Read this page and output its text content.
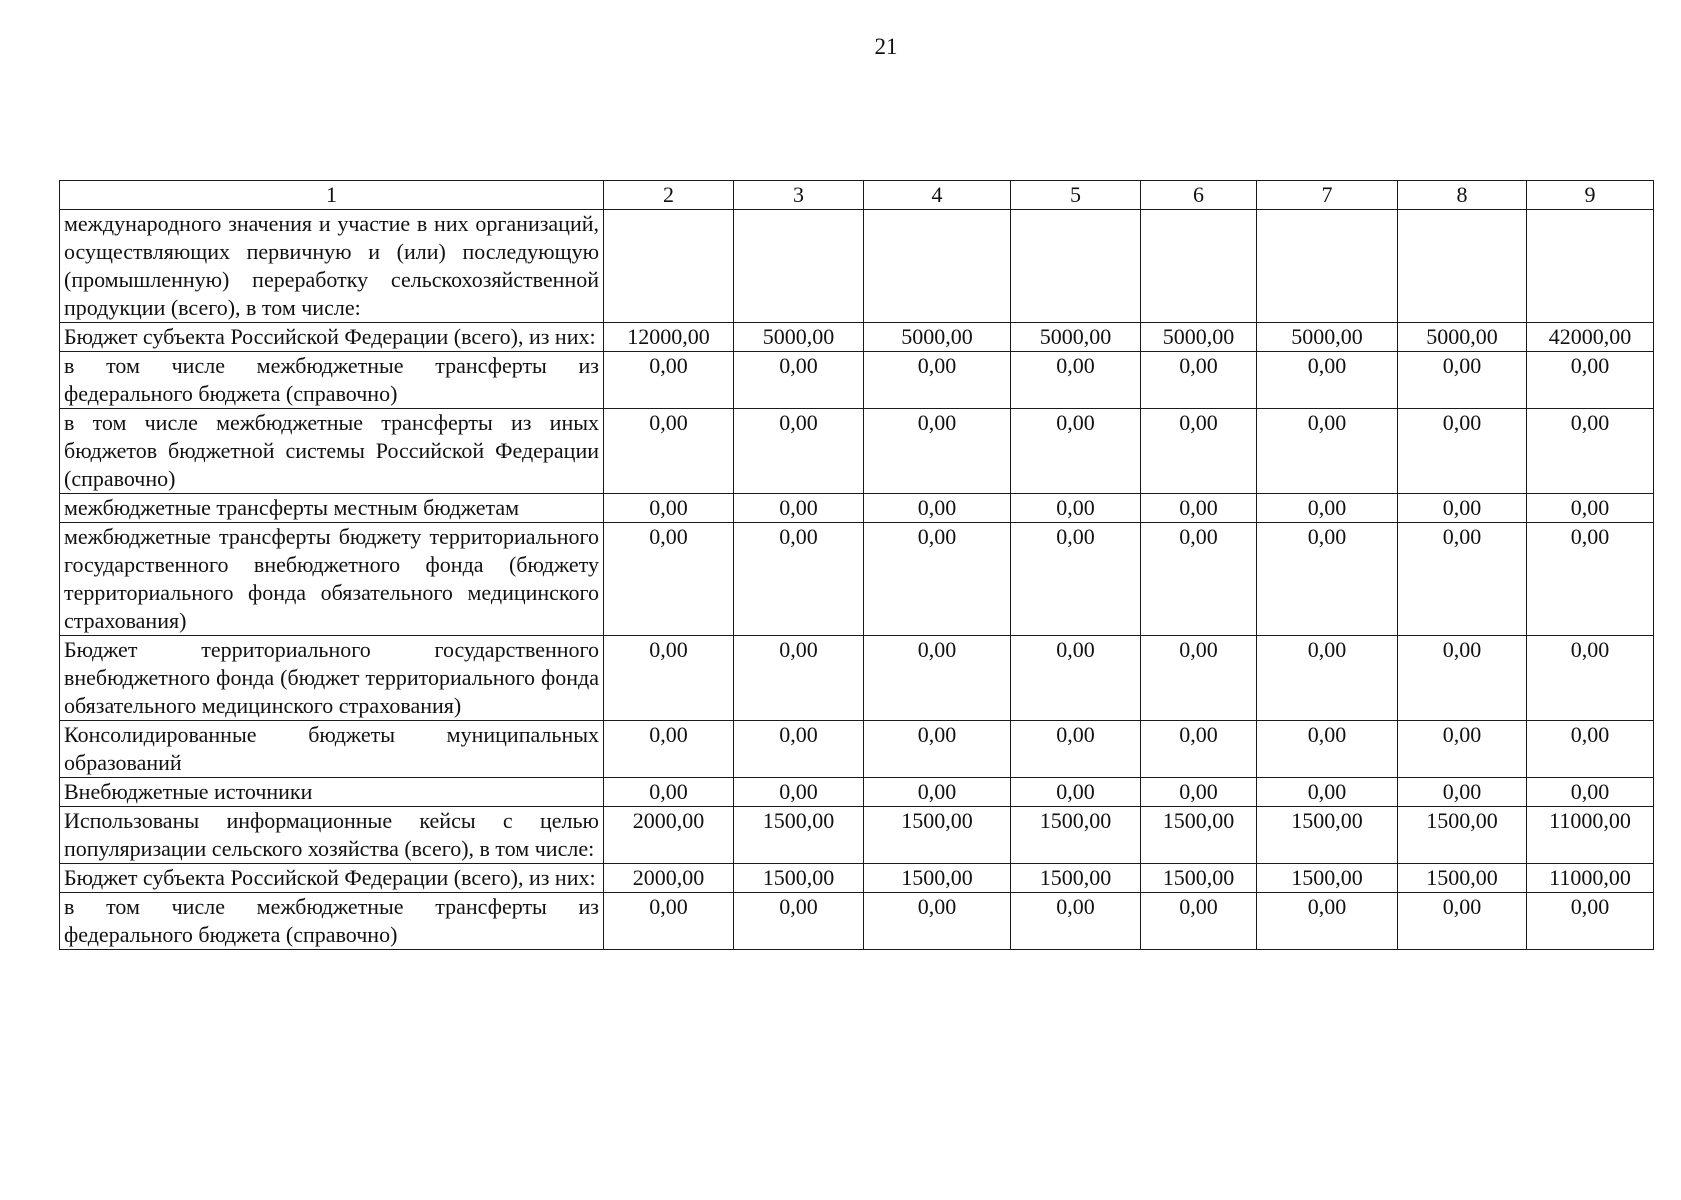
21
1	2	3	4	5	6	7	8	9
международного значения и участие в них организаций, осуществляющих первичную и (или) последующую (промышленную) переработку сельскохозяйственной продукции (всего), в том числе:								
Бюджет субъекта Российской Федерации (всего), из них:	12000,00	5000,00	5000,00	5000,00	5000,00	5000,00	5000,00	42000,00
в том числе межбюджетные трансферты из федерального бюджета (справочно)	0,00	0,00	0,00	0,00	0,00	0,00	0,00	0,00
в том числе межбюджетные трансферты из иных бюджетов бюджетной системы Российской Федерации (справочно)	0,00	0,00	0,00	0,00	0,00	0,00	0,00	0,00
межбюджетные трансферты местным бюджетам	0,00	0,00	0,00	0,00	0,00	0,00	0,00	0,00
межбюджетные трансферты бюджету территориального государственного внебюджетного фонда (бюджету территориального фонда обязательного медицинского страхования)	0,00	0,00	0,00	0,00	0,00	0,00	0,00	0,00
Бюджет территориального государственного внебюджетного фонда (бюджет территориального фонда обязательного медицинского страхования)	0,00	0,00	0,00	0,00	0,00	0,00	0,00	0,00
Консолидированные бюджеты муниципальных образований	0,00	0,00	0,00	0,00	0,00	0,00	0,00	0,00
Внебюджетные источники	0,00	0,00	0,00	0,00	0,00	0,00	0,00	0,00
Использованы информационные кейсы с целью популяризации сельского хозяйства (всего), в том числе:	2000,00	1500,00	1500,00	1500,00	1500,00	1500,00	1500,00	11000,00
Бюджет субъекта Российской Федерации (всего), из них:	2000,00	1500,00	1500,00	1500,00	1500,00	1500,00	1500,00	11000,00
в том числе межбюджетные трансферты из федерального бюджета (справочно)	0,00	0,00	0,00	0,00	0,00	0,00	0,00	0,00
